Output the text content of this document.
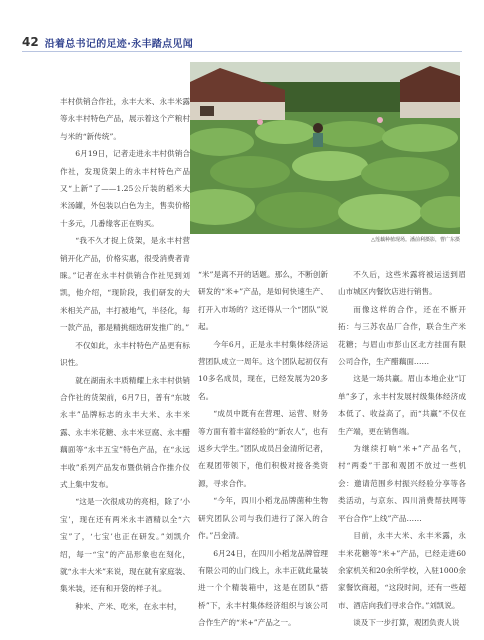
42 沿着总书记的足迹·永丰踏点见闻
△莲藕种植现场。潘前利摄影，曹广东摄

丰村供销合作社，永丰大米、永丰米露等永丰村特色产品，展示着这个产粮村与米的“新传统”。

6月19日，记者走进永丰村供销合作社，发现货架上的永丰村特色产品又“上新”了——1.25公斤装的稻米大米汤罐，外包装以白色为主，售卖价格十多元，几番缘客正在购买。

“我不久才捉上货架，是永丰村营销开化产品，价格实惠，很受消费者青睐。”记者在永丰村供销合作社见到刘凯，他介绍，“现阶段，我们研发的大米相关产品，丰打被地气，半径化，每一款产品，都是精挑细选研发推广的。”

不仅如此，永丰村特色产品更有标识性。

就在湖南永丰质精耀上永丰村供销合作社的货架前，6月7日，普有“东坡永丰”品牌标志的永丰大米、永丰米露、永丰米花糖、永丰米豆腐、永丰醋藕面等“永丰五宝”特色产品，在“永远丰收”系列产品发布暨供销合作推介仪式上集中发布。

“这是一次很成功的亮相，除了‘小宝’，现在还有两米永丰酒精以全“六宝”了，‘七宝’也正在研发。”刘凯介绍，每一“宝”的产品形象也在刻化，就“永丰大米”来说，现在就有家庭装、集米装，还有和开袋的样子礼。

种米、产米、吃米，在永丰村，

“米”是离不开的话题。那么，不断创新研发的“米+”产品，是如何快速生产、打开入市场的？这还得从一个“团队”说起。

今年6月，正是永丰村集体经济运营团队成立一周年。这个团队起初仅有10多名成员，现在，已经发展为20多名。

“成员中既有在营理、运营、财务等方面有着丰富经验的“新农人”，也有返乡大学生。”团队成员吕金清所记者，在观团带领下，他们积极对接各类资源，寻求合作。

“今年，四川小稻龙品牌菌种生物研究团队公司与我们进行了深入的合作。”吕金清。

6月24日，在四川小稻龙品牌管理有限公司的山门线上，永丰正就此量装进一个个精装箱中，这是在团队“搭桥”下，永丰村集体经济组织与该公司合作生产的“米+”产品之一。

不久后，这些米露将被运送到眉山市城区内餐饮店进行销售。

而像这样的合作，还在不断开拓：与三苏农品厂合作，联合生产米花糖；与眉山市彭山区北方挂面有限公司合作，生产醋藕面……

这是一场共赢。眉山本地企业“订单”多了，永丰村发展村级集体经济成本低了、收益高了，而“共赢”不仅在生产端，更在销售端。

为继续打响“米+”产品名气，村“两委”干部和观团不放过一些机会：邀请范围乡村振兴经验分享等各类活动，与京东、四川消费帮扶网等平台合作“上线”产品……

目前，永丰大米、永丰米露，永丰米花糖等“米+”产品，已经走进60余家机关和20余所学校，入驻1000余家餐饮商超，“这段时间，还有一些超市、酒店向我们寻求合作。”刘凯说。

谈及下一步打算，观团负责人说
